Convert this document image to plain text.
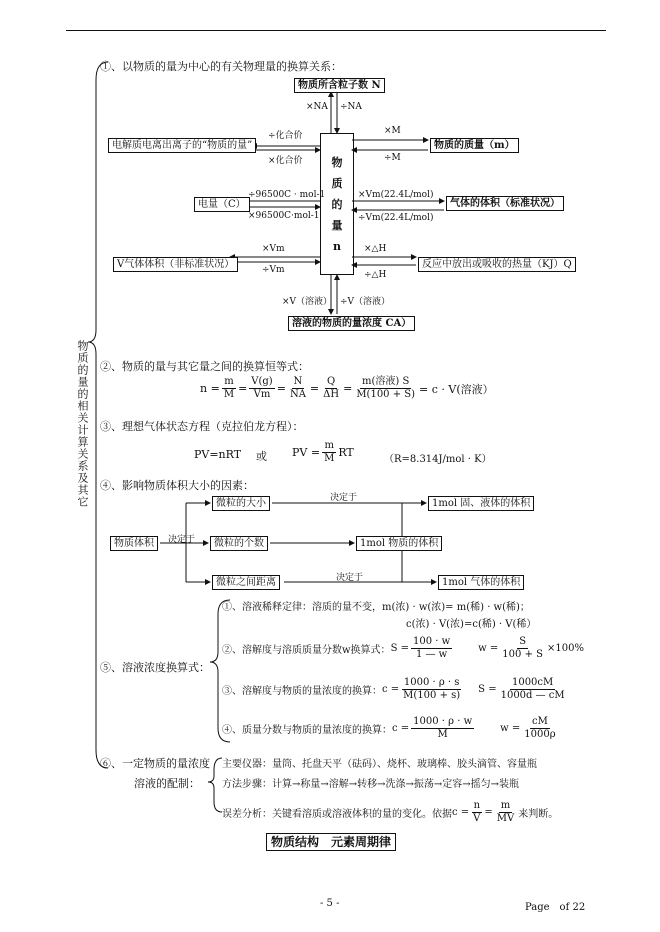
物质的量的相关计算关系及其它
①、以物质的量为中心的有关物理量的换算关系：
物质所含粒子数 N
×NA ÷NA
物
质
的
量
n
电解质电离出离子的“物质的量”
÷化合价
×化合价
物质的质量（m）
×M
÷M
电量（C）
÷96500C · mol-1
×96500C·mol-1
气体的体积（标准状况）
×Vm(22.4L/mol)
÷Vm(22.4L/mol)
V气体体积（非标准状况）
×Vm
÷Vm	反应中放出或吸收的热量（KJ）Q
×△H
÷△H
×V（溶液） ÷V（溶液）
溶液的物质的量浓度 CA）
②、物质的量与其它量之间的换算恒等式：
$n = \frac{m}{M} = \frac{V(g)}{Vm} = \frac{N}{NA} = \frac{Q}{\Delta H} = \frac{\text{m(溶液) S}}{M(100 + S)} = c \cdot V$(溶液）
③、理想气体状态方程（克拉伯龙方程）：
PV=nRT 或 PV = $\frac{m}{M}$ RT
（R=8.314J/mol · K）
④、影响物质体积大小的因素：
微粒的大小
微粒的个数
微粒之间距离
物质体积	决定于
决定于
决定于
1mol 固、液体的体积
1mol 物质的体积
1mol 气体的体积
⑤、溶液浓度换算式：
①、溶液稀释定律：溶质的量不变，m(浓) · w(浓)= m(稀) · w(稀)；
c(浓) · V(浓)=c(稀) · V(稀）
②、溶解度与溶质质量分数w换算式： $S = \frac{100 \cdot w}{1 — w}$	$w = \frac{S}{100 + S} \times 100\%$
③、溶解度与物质的量浓度的换算： $c = \frac{1000 \cdot \rho \cdot s}{M(100 + s)}$ $S = \frac{1000cM}{1000d — cM}$
④、质量分数与物质的量浓度的换算： $c = \frac{1000 \cdot \rho \cdot w}{M}$	$w = \frac{cM}{1000\rho}$
⑥、一定物质的量浓度
溶液的配制：
主要仪器：量筒、托盘天平（砝码）、烧杯、玻璃棒、胶头滴管、容量瓶
方法步骤：计算→称量→溶解→转移→洗涤→振荡→定容→摇匀→装瓶
误差分析：关键看溶质或溶液体积的量的变化。依据 $c = \frac{n}{V} = \frac{m}{MV}$ 来判断。
物质结构　元素周期律
- 5 -	Page　of 22
